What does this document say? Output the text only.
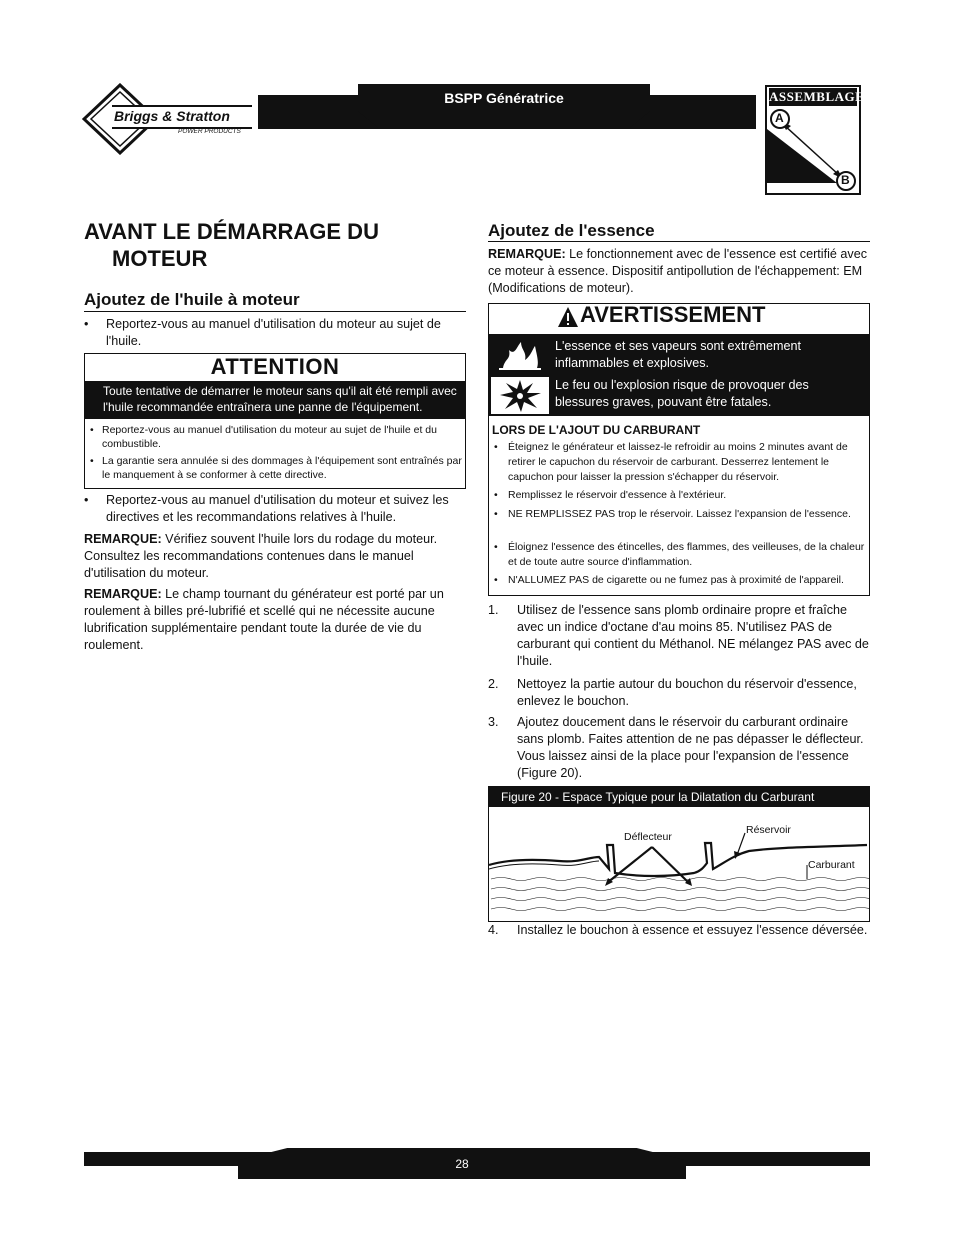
Briggs & Stratton
POWER PRODUCTS
BSPP Génératrice	ASSEMBLAGE
A
B
AVANT LE DÉMARRAGE DU
MOTEUR
Ajoutez de l'huile à moteur
• Reportez-vous au manuel d'utilisation du moteur au sujet de l'huile.
ATTENTION
Toute tentative de démarrer le moteur sans qu'il ait été rempli avec l'huile recommandée entraînera une panne de l'équipement.
• Reportez-vous au manuel d'utilisation du moteur au sujet de l'huile et du combustible.
• La garantie sera annulée si des dommages à l'équipement sont entraînés par le manquement à se conformer à cette directive.
• Reportez-vous au manuel d'utilisation du moteur et suivez les directives et les recommandations relatives à l'huile.
REMARQUE: Vérifiez souvent l'huile lors du rodage du moteur. Consultez les recommandations contenues dans le manuel d'utilisation du moteur.
REMARQUE: Le champ tournant du générateur est porté par un roulement à billes pré-lubrifié et scellé qui ne nécessite aucune lubrification supplémentaire pendant toute la durée de vie du roulement.
Ajoutez de l'essence
REMARQUE: Le fonctionnement avec de l'essence est certifié avec ce moteur à essence. Dispositif antipollution de l'échappement: EM (Modifications de moteur).
AVERTISSEMENT
L'essence et ses vapeurs sont extrêmement inflammables et explosives.
Le feu ou l'explosion risque de provoquer des blessures graves, pouvant être fatales.
LORS DE L'AJOUT DU CARBURANT
• Éteignez le générateur et laissez-le refroidir au moins 2 minutes avant de retirer le capuchon du réservoir de carburant. Desserrez lentement le capuchon pour laisser la pression s'échapper du réservoir.
• Remplissez le réservoir d'essence à l'extérieur.
• NE REMPLISSEZ PAS trop le réservoir. Laissez l'expansion de l'essence.
• Éloignez l'essence des étincelles, des flammes, des veilleuses, de la chaleur et de toute autre source d'inflammation.
• N'ALLUMEZ PAS de cigarette ou ne fumez pas à proximité de l'appareil.
1. Utilisez de l'essence sans plomb ordinaire propre et fraîche avec un indice d'octane d'au moins 85. N'utilisez PAS de carburant qui contient du Méthanol. NE mélangez PAS avec de l'huile.
2. Nettoyez la partie autour du bouchon du réservoir d'essence, enlevez le bouchon.
3. Ajoutez doucement dans le réservoir du carburant ordinaire sans plomb. Faites attention de ne pas dépasser le déflecteur. Vous laissez ainsi de la place pour l'expansion de l'essence (Figure 20).
Figure 20 - Espace Typique pour la Dilatation du Carburant
Déflecteur
Réservoir
Carburant
4. Installez le bouchon à essence et essuyez l'essence déversée.
28
